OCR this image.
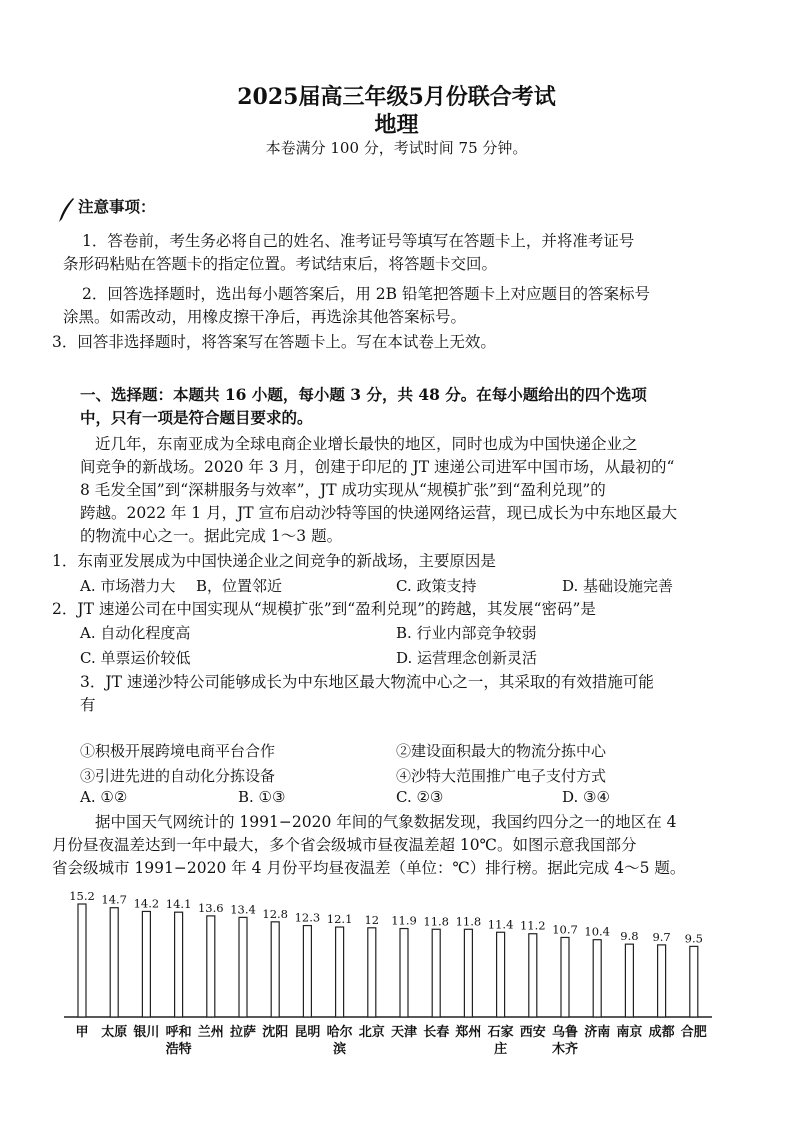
2025届高三年级5月份联合考试
地理
本卷满分 100 分，考试时间 75 分钟。
注意事项：
1．答卷前，考生务必将自己的姓名、准考证号等填写在答题卡上，并将准考证号
条形码粘贴在答题卡的指定位置。考试结束后，将答题卡交回。
2．回答选择题时，选出每小题答案后，用 2B 铅笔把答题卡上对应题目的答案标号
涂黑。如需改动，用橡皮擦干净后，再选涂其他答案标号。
3．回答非选择题时，将答案写在答题卡上。写在本试卷上无效。
一、选择题：本题共 16 小题，每小题 3 分，共 48 分。在每小题给出的四个选项
中，只有一项是符合题目要求的。
近几年，东南亚成为全球电商企业增长最快的地区，同时也成为中国快递企业之
间竞争的新战场。2020 年 3 月，创建于印尼的 JT 速递公司进军中国市场，从最初的“
8 毛发全国”到“深耕服务与效率”，JT 成功实现从“规模扩张”到“盈利兑现”的
跨越。2022 年 1 月，JT 宣布启动沙特等国的快递网络运营，现已成长为中东地区最大
的物流中心之一。据此完成 1～3 题。
1．东南亚发展成为中国快递企业之间竞争的新战场，主要原因是
A. 市场潜力大 B，位置邻近	C. 政策支持	D. 基础设施完善
2．JT 速递公司在中国实现从“规模扩张”到“盈利兑现”的跨越，其发展“密码”是
A. 自动化程度高	B. 行业内部竞争较弱
C. 单票运价较低	D. 运营理念创新灵活
3．JT 速递沙特公司能够成长为中东地区最大物流中心之一，其采取的有效措施可能
有
①积极开展跨境电商平台合作	②建设面积最大的物流分拣中心
③引进先进的自动化分拣设备	④沙特大范围推广电子支付方式
A. ①②	B. ①③	C. ②③	D. ③④
据中国天气网统计的 1991−2020 年间的气象数据发现，我国约四分之一的地区在 4
月份昼夜温差达到一年中最大，多个省会级城市昼夜温差超 10℃。如图示意我国部分
省会级城市 1991−2020 年 4 月份平均昼夜温差（单位：℃）排行榜。据此完成 4～5 题。
15.2
甲
14.7
太原
14.2
银川
14.1
呼和
浩特
13.6
兰州
13.4
拉萨
12.8
沈阳
12.3
昆明
12.1
哈尔
滨
12
北京
11.9
天津
11.8
长春
11.8
郑州
11.4
石家
庄
11.2
西安
10.7
乌鲁
木齐
10.4
济南
9.8
南京
9.7
成都
9.5
合肥
